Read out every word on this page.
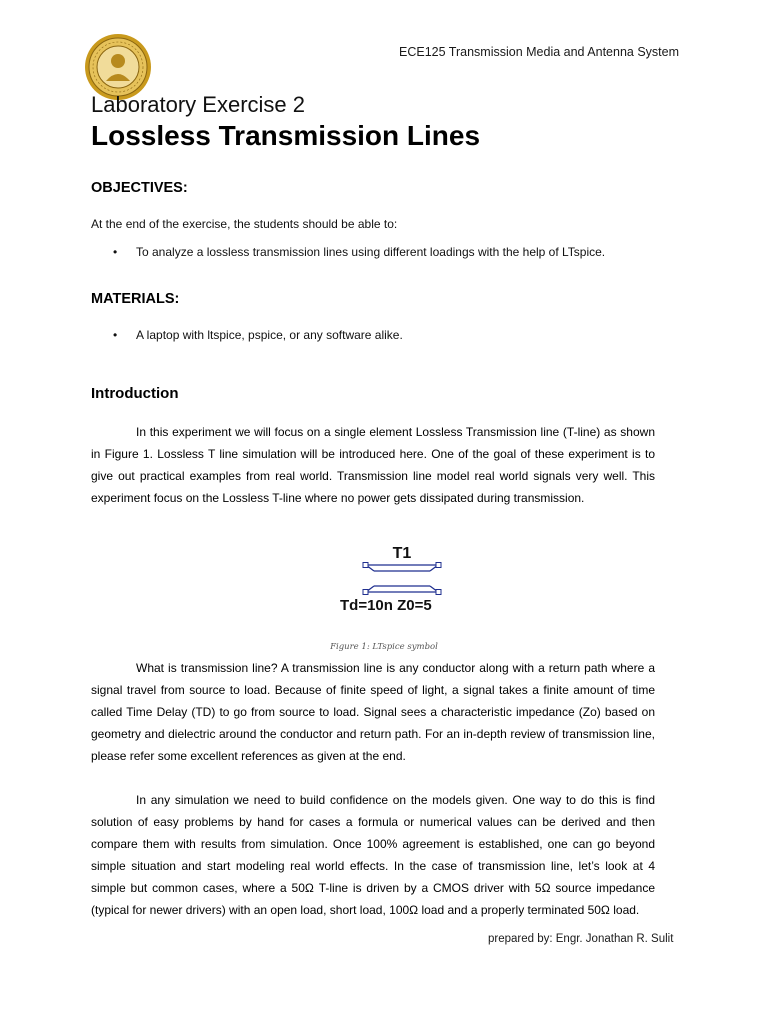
ECE125 Transmission Media and Antenna System
Laboratory Exercise 2
Lossless Transmission Lines
OBJECTIVES:
At the end of the exercise, the students should be able to:
• To analyze a lossless transmission lines using different loadings with the help of LTspice.
MATERIALS:
• A laptop with ltspice, pspice, or any software alike.
Introduction
In this experiment we will focus on a single element Lossless Transmission line (T-line) as shown in Figure 1. Lossless T line simulation will be introduced here. One of the goal of these experiment is to give out practical examples from real world. Transmission line model real world signals very well. This experiment focus on the Lossless T-line where no power gets dissipated during transmission.
T1
Td=10n Z0=5
Figure 1: LTspice symbol
What is transmission line? A transmission line is any conductor along with a return path where a signal travel from source to load. Because of finite speed of light, a signal takes a finite amount of time called Time Delay (TD) to go from source to load. Signal sees a characteristic impedance (Zo) based on geometry and dielectric around the conductor and return path. For an in-depth review of transmission line, please refer some excellent references as given at the end.
In any simulation we need to build confidence on the models given. One way to do this is find solution of easy problems by hand for cases a formula or numerical values can be derived and then compare them with results from simulation. Once 100% agreement is established, one can go beyond simple situation and start modeling real world effects. In the case of transmission line, let’s look at 4 simple but common cases, where a 50Ω T-line is driven by a CMOS driver with 5Ω source impedance (typical for newer drivers) with an open load, short load, 100Ω load and a properly terminated 50Ω load.
prepared by: Engr. Jonathan R. Sulit
